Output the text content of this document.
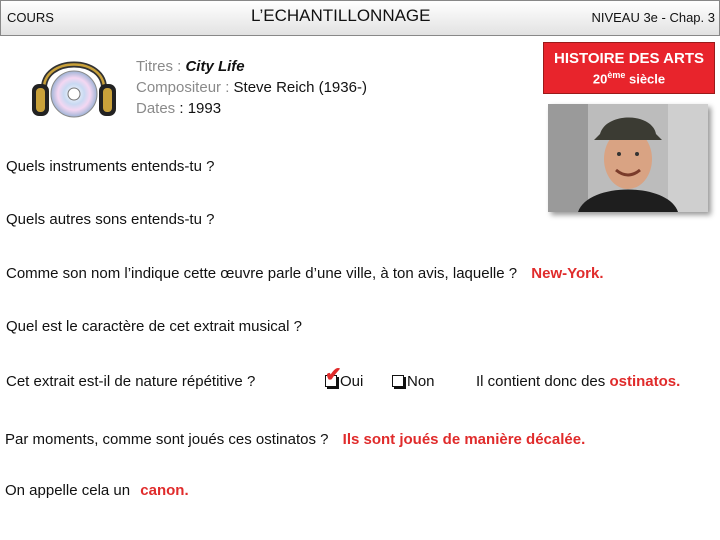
COURS	L’ECHANTILLONNAGE	NIVEAU 3e - Chap. 3
Titres : City Life
Compositeur : Steve Reich (1936-)
Dates : 1993
HISTOIRE DES ARTS
20ème siècle
Quels instruments entends-tu ?
Quels autres sons entends-tu ?
Comme son nom l’indique cette œuvre parle d’une ville, à ton avis, laquelle ? New-York.
Quel est le caractère de cet extrait musical ?
Cet extrait est-il de nature répétitive ?	Oui
✔	Non	Il contient donc des ostinatos.
Par moments, comme sont joués ces ostinatos ? Ils sont joués de manière décalée.
On appelle cela un canon.
